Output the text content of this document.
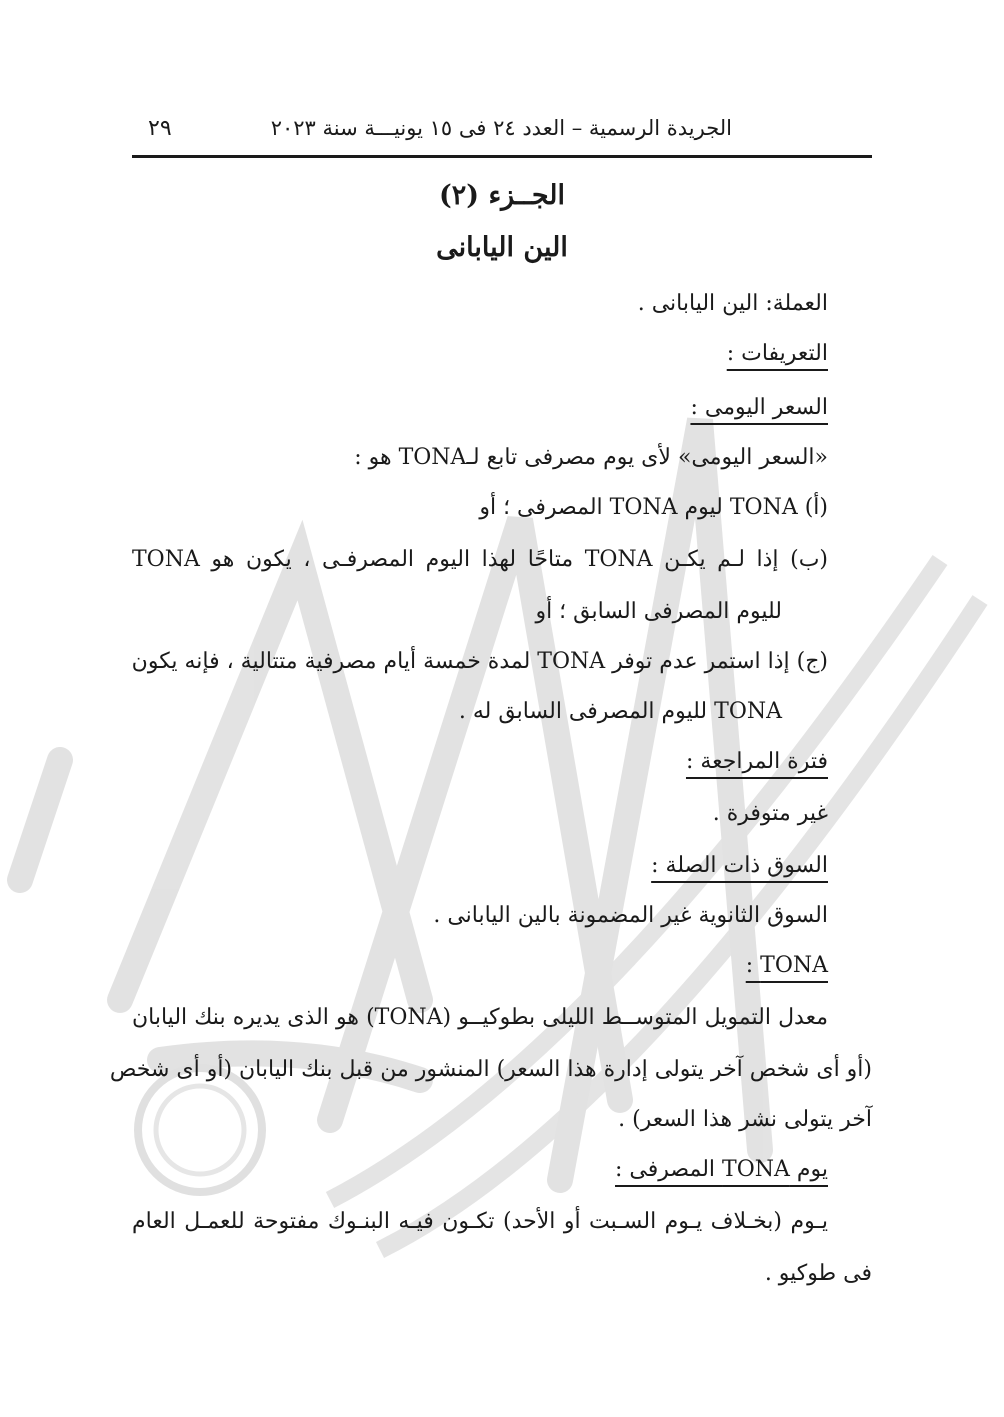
الجريدة الرسمية – العدد ٢٤ فى ١٥ يونيـــة سنة ٢٠٢٣
٢٩
الجــزء (٢)
الين اليابانى
العملة: الين اليابانى .
التعريفات :
السعر اليومى :
«السعر اليومى» لأى يوم مصرفى تابع لـTONA هو :
(أ) TONA ليوم TONA المصرفى ؛ أو
(ب) إذا لـم يكـن TONA متاحًا لهذا اليوم المصرفـى ، يكون هو TONA
لليوم المصرفى السابق ؛ أو
(ج) إذا استمر عدم توفر TONA لمدة خمسة أيام مصرفية متتالية ، فإنه يكون
TONA لليوم المصرفى السابق له .
فترة المراجعة :
غير متوفرة .
السوق ذات الصلة :
السوق الثانوية غير المضمونة بالين اليابانى .
TONA :
معدل التمويل المتوســط الليلى بطوكيــو (TONA) هو الذى يديره بنك اليابان
(أو أى شخص آخر يتولى إدارة هذا السعر) المنشور من قبل بنك اليابان (أو أى شخص
آخر يتولى نشر هذا السعر) .
يوم TONA المصرفى :
يـوم (بخـلاف يـوم السـبت أو الأحد) تكـون فيـه البنـوك مفتوحة للعمـل العام
فى طوكيو .
